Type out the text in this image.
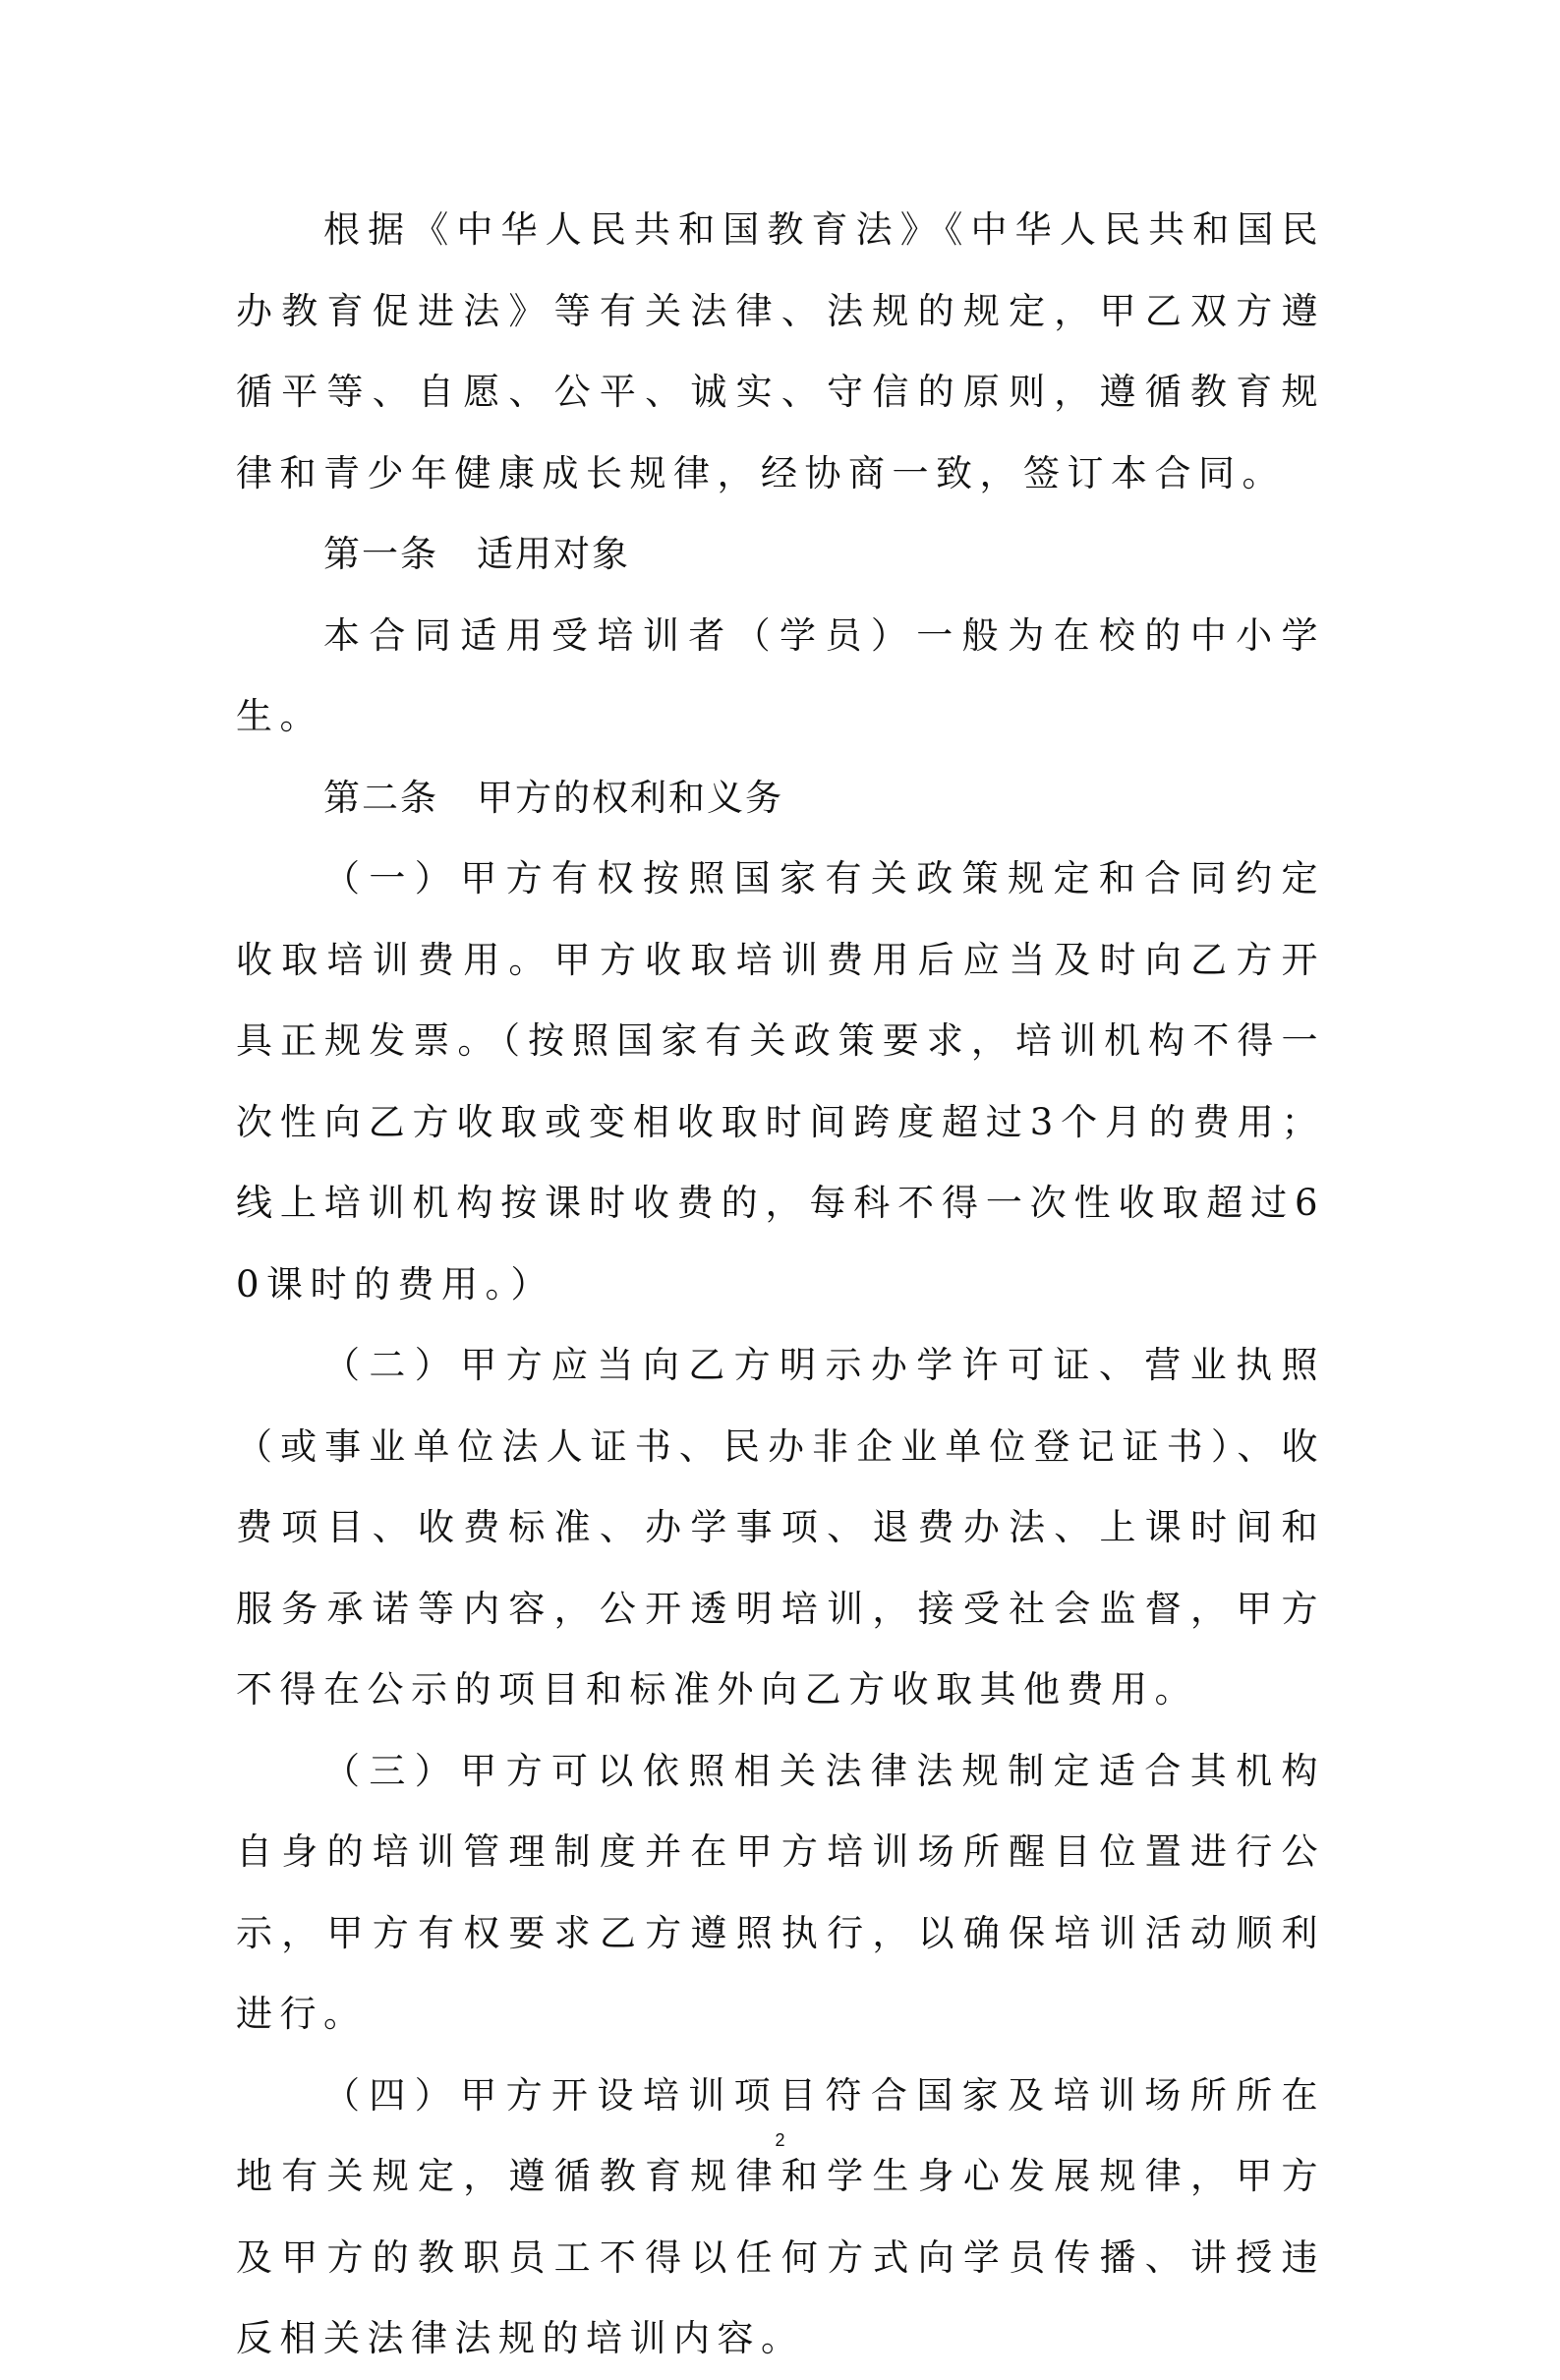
根据《中华人民共和国教育法》《中华人民共和国民办教育促进法》等有关法律、法规的规定，甲乙双方遵循平等、自愿、公平、诚实、守信的原则，遵循教育规律和青少年健康成长规律，经协商一致，签订本合同。

第一条　适用对象

本合同适用受培训者（学员）一般为在校的中小学生。

第二条　甲方的权利和义务

（一）甲方有权按照国家有关政策规定和合同约定收取培训费用。甲方收取培训费用后应当及时向乙方开具正规发票。（按照国家有关政策要求，培训机构不得一次性向乙方收取或变相收取时间跨度超过3个月的费用；线上培训机构按课时收费的，每科不得一次性收取超过60课时的费用。）

（二）甲方应当向乙方明示办学许可证、营业执照（或事业单位法人证书、民办非企业单位登记证书）、收费项目、收费标准、办学事项、退费办法、上课时间和服务承诺等内容，公开透明培训，接受社会监督，甲方不得在公示的项目和标准外向乙方收取其他费用。

（三）甲方可以依照相关法律法规制定适合其机构自身的培训管理制度并在甲方培训场所醒目位置进行公示，甲方有权要求乙方遵照执行，以确保培训活动顺利进行。

（四）甲方开设培训项目符合国家及培训场所所在地有关规定，遵循教育规律和学生身心发展规律，甲方及甲方的教职员工不得以任何方式向学员传播、讲授违反相关法律法规的培训内容。

2
